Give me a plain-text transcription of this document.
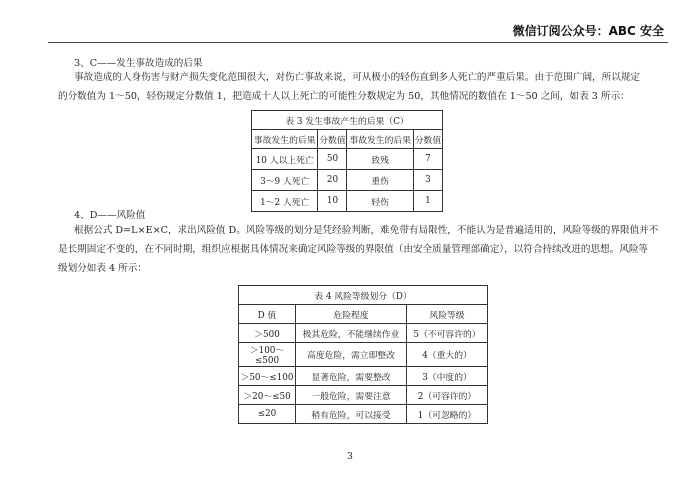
微信订阅公众号：ABC 安全
3、C——发生事故造成的后果
事故造成的人身伤害与财产损失变化范围很大，对伤亡事故来说，可从极小的轻伤直到多人死亡的严重后果。由于范围广阔，所以规定
的分数值为 1～50，轻伤规定分数值 1，把造成十人以上死亡的可能性分数规定为 50，其他情况的数值在 1～50 之间，如表 3 所示：
表 3 发生事故产生的后果（C）			
事故发生的后果	分数值	事故发生的后果	分数值
10 人以上死亡	50	致残	7
3～9 人死亡	20	重伤	3
1～2 人死亡	10	轻伤	1
4、D——风险值
根据公式 D=L×E×C，求出风险值 D。风险等级的划分是凭经验判断，难免带有局限性，不能认为是普遍适用的，风险等级的界限值并不
是长期固定不变的，在不同时期，组织应根据具体情况来确定风险等级的界限值（由安全质量管理部确定），以符合持续改进的思想。风险等
级划分如表 4 所示：
表 4 风险等级划分（D）		
D 值	危险程度	风险等级
＞500	极其危险，不能继续作业	5（不可容许的）
＞100～≤500	高度危险，需立即整改	4（重大的）
＞50～≤100	显著危险，需要整改	3（中度的）
＞20～≤50	一般危险，需要注意	2（可容许的）
≤20	稍有危险，可以接受	1（可忽略的）
3
